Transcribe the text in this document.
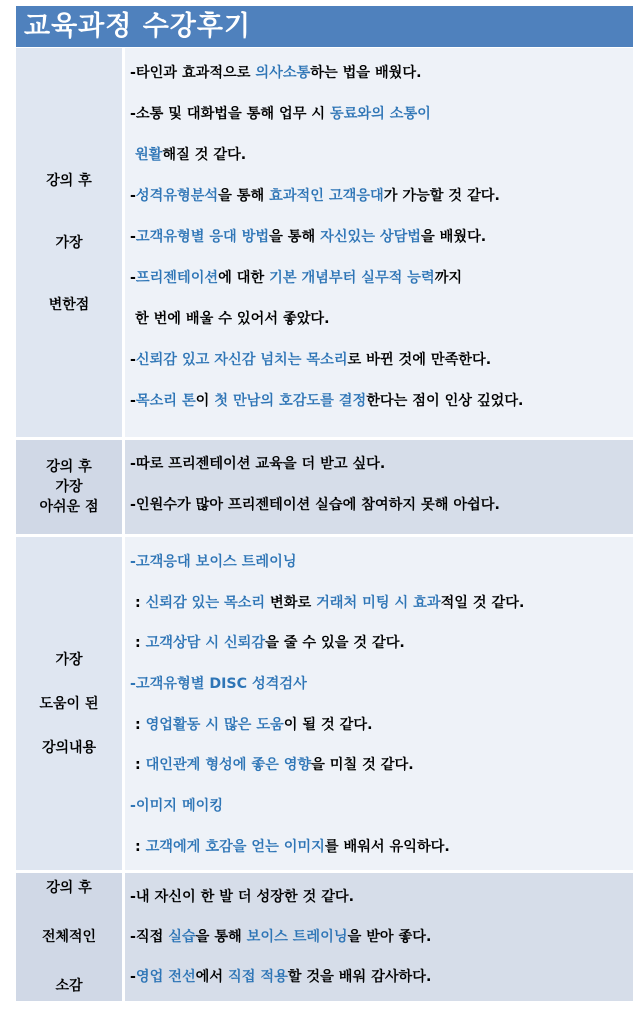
교육과정 수강후기
강의 후
가장
변한점
-타인과 효과적으로 의사소통하는 법을 배웠다.
-소통 및 대화법을 통해 업무 시 동료와의 소통이
원활해질 것 같다.
-성격유형분석을 통해 효과적인 고객응대가 가능할 것 같다.
-고객유형별 응대 방법을 통해 자신있는 상담법을 배웠다.
-프리젠테이션에 대한 기본 개념부터 실무적 능력까지
한 번에 배울 수 있어서 좋았다.
-신뢰감 있고 자신감 넘치는 목소리로 바뀐 것에 만족한다.
-목소리 톤이 첫 만남의 호감도를 결정한다는 점이 인상 깊었다.
강의 후
가장
아쉬운 점
-따로 프리젠테이션 교육을 더 받고 싶다.
-인원수가 많아 프리젠테이션 실습에 참여하지 못해 아쉽다.
가장
도움이 된
강의내용
-고객응대 보이스 트레이닝
: 신뢰감 있는 목소리 변화로 거래처 미팅 시 효과적일 것 같다.
: 고객상담 시 신뢰감을 줄 수 있을 것 같다.
-고객유형별 DISC 성격검사
: 영업활동 시 많은 도움이 될 것 같다.
: 대인관계 형성에 좋은 영향을 미칠 것 같다.
-이미지 메이킹
: 고객에게 호감을 얻는 이미지를 배워서 유익하다.
강의 후
전체적인
소감
-내 자신이 한 발 더 성장한 것 같다.
-직접 실습을 통해 보이스 트레이닝을 받아 좋다.
-영업 전선에서 직접 적용할 것을 배워 감사하다.
